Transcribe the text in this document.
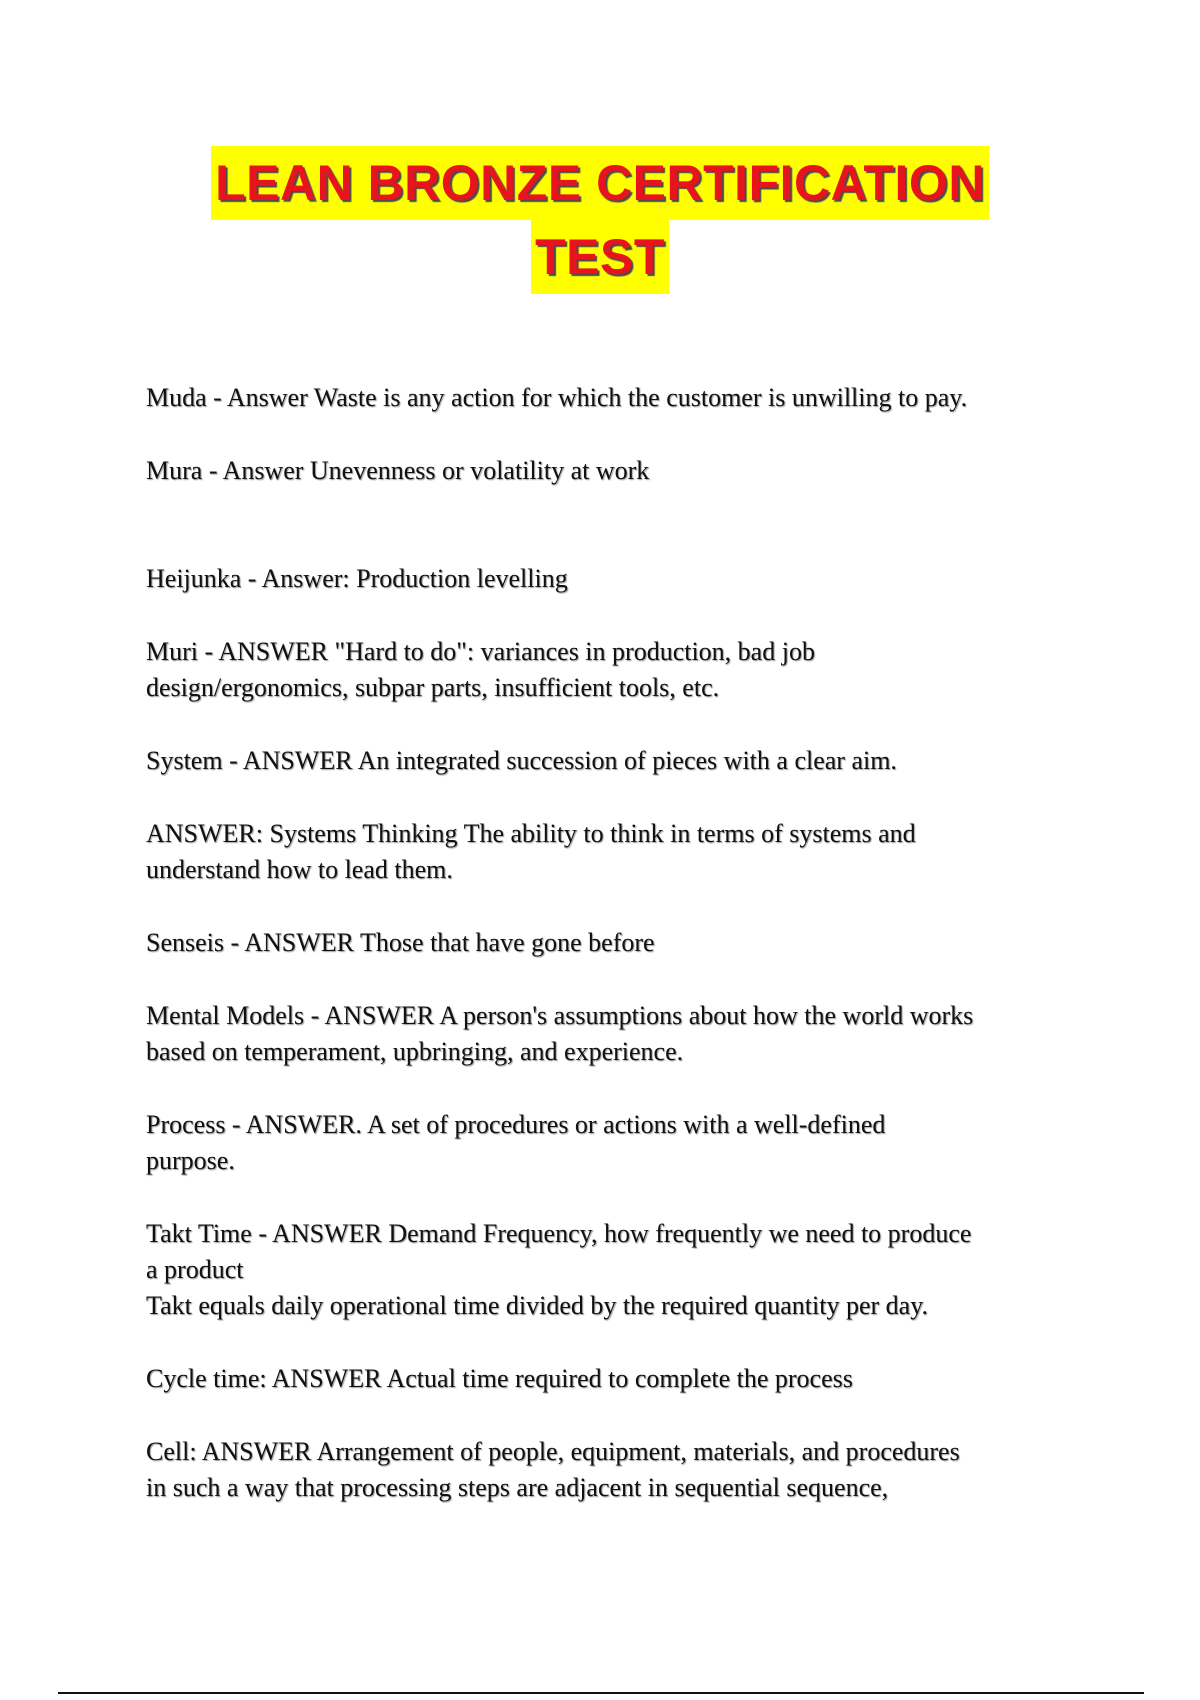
LEAN BRONZE CERTIFICATION
TEST

Muda - Answer Waste is any action for which the customer is unwilling to pay.

Mura - Answer Unevenness or volatility at work

Heijunka - Answer: Production levelling

Muri - ANSWER "Hard to do": variances in production, bad job
design/ergonomics, subpar parts, insufficient tools, etc.

System - ANSWER An integrated succession of pieces with a clear aim.

ANSWER: Systems Thinking The ability to think in terms of systems and
understand how to lead them.

Senseis - ANSWER Those that have gone before

Mental Models - ANSWER A person's assumptions about how the world works
based on temperament, upbringing, and experience.

Process - ANSWER. A set of procedures or actions with a well-defined
purpose.

Takt Time - ANSWER Demand Frequency, how frequently we need to produce
a product
Takt equals daily operational time divided by the required quantity per day.

Cycle time: ANSWER Actual time required to complete the process

Cell: ANSWER Arrangement of people, equipment, materials, and procedures
in such a way that processing steps are adjacent in sequential sequence,
